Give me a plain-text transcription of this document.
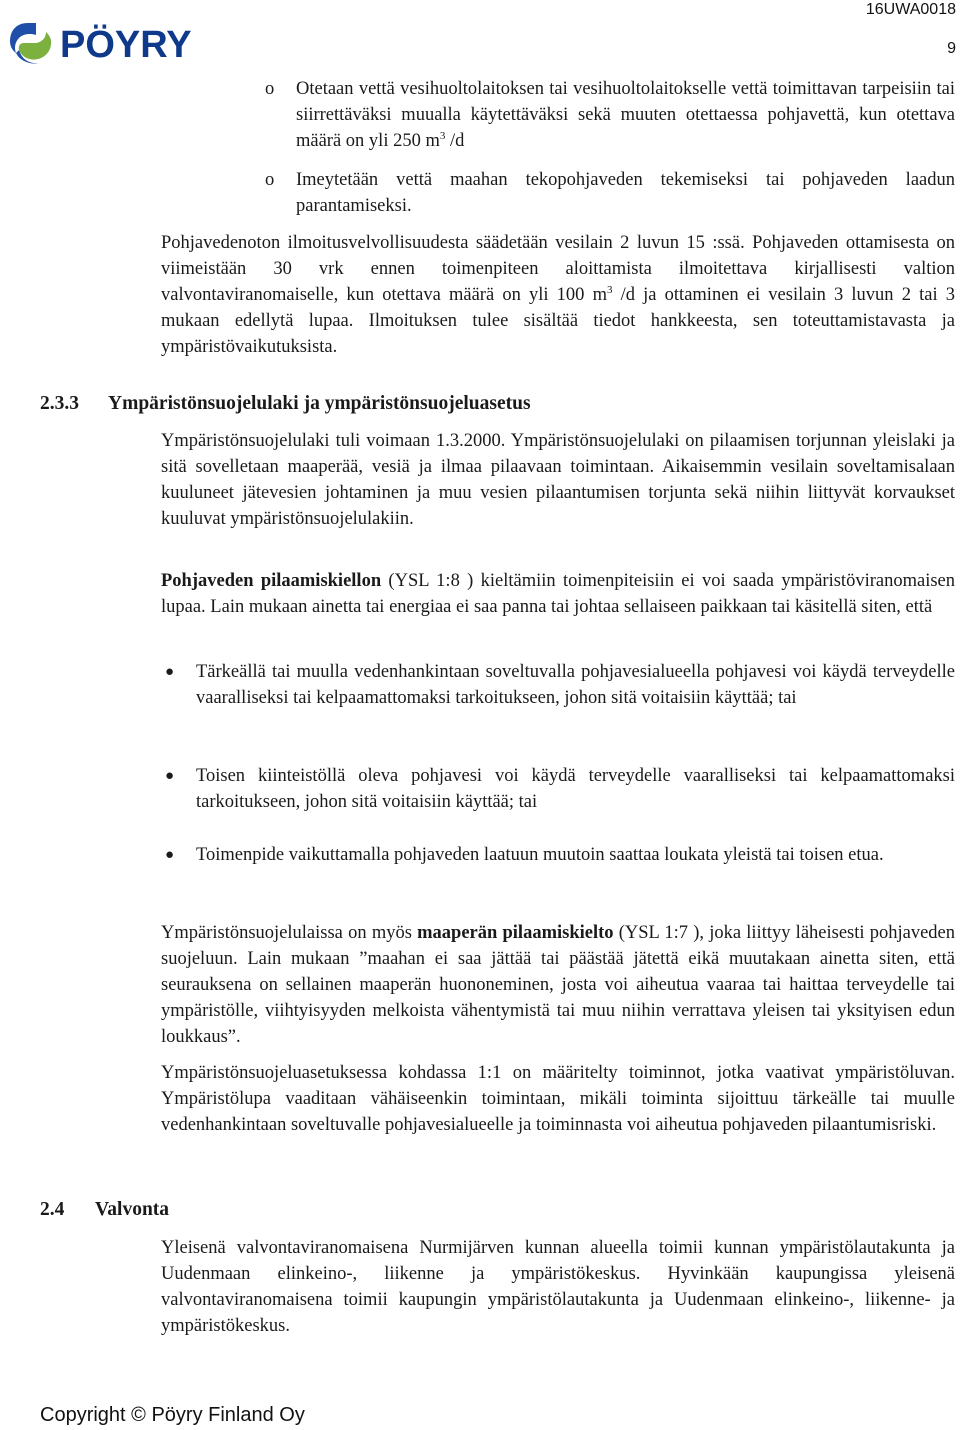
PÖYRY
16UWA0018
9
o Otetaan vettä vesihuoltolaitoksen tai vesihuoltolaitokselle vettä toimittavan tarpeisiin tai siirrettäväksi muualla käytettäväksi sekä muuten otettaessa pohjavettä, kun otettava määrä on yli 250 $m^3$ /d

o Imeytetään vettä maahan tekopohjaveden tekemiseksi tai pohjaveden laadun parantamiseksi.

Pohjavedenoton ilmoitusvelvollisuudesta säädetään vesilain 2 luvun 15 :ssä. Pohjaveden ottamisesta on viimeistään 30 vrk ennen toimenpiteen aloittamista ilmoitettava kirjallisesti valtion valvontaviranomaiselle, kun otettava määrä on yli 100 $m^3$ /d ja ottaminen ei vesilain 3 luvun 2 tai 3 mukaan edellytä lupaa. Ilmoituksen tulee sisältää tiedot hankkeesta, sen toteuttamistavasta ja ympäristövaikutuksista.

2.3.3 Ympäristönsuojelulaki ja ympäristönsuojeluasetus

Ympäristönsuojelulaki tuli voimaan 1.3.2000. Ympäristönsuojelulaki on pilaamisen torjunnan yleislaki ja sitä sovelletaan maaperää, vesiä ja ilmaa pilaavaan toimintaan. Aikaisemmin vesilain soveltamisalaan kuuluneet jätevesien johtaminen ja muu vesien pilaantumisen torjunta sekä niihin liittyvät korvaukset kuuluvat ympäristönsuojelulakiin.

Pohjaveden pilaamiskiellon (YSL 1:8 ) kieltämiin toimenpiteisiin ei voi saada ympäristöviranomaisen lupaa. Lain mukaan ainetta tai energiaa ei saa panna tai johtaa sellaiseen paikkaan tai käsitellä siten, että

● Tärkeällä tai muulla vedenhankintaan soveltuvalla pohjavesialueella pohjavesi voi käydä terveydelle vaaralliseksi tai kelpaamattomaksi tarkoitukseen, johon sitä voitaisiin käyttää; tai

● Toisen kiinteistöllä oleva pohjavesi voi käydä terveydelle vaaralliseksi tai kelpaamattomaksi tarkoitukseen, johon sitä voitaisiin käyttää; tai

● Toimenpide vaikuttamalla pohjaveden laatuun muutoin saattaa loukata yleistä tai toisen etua.

Ympäristönsuojelulaissa on myös maaperän pilaamiskielto (YSL 1:7 ), joka liittyy läheisesti pohjaveden suojeluun. Lain mukaan ”maahan ei saa jättää tai päästää jätettä eikä muutakaan ainetta siten, että seurauksena on sellainen maaperän huononeminen, josta voi aiheutua vaaraa tai haittaa terveydelle tai ympäristölle, viihtyisyyden melkoista vähentymistä tai muu niihin verrattava yleisen tai yksityisen edun loukkaus”.

Ympäristönsuojeluasetuksessa kohdassa 1:1 on määritelty toiminnot, jotka vaativat ympäristöluvan. Ympäristölupa vaaditaan vähäiseenkin toimintaan, mikäli toiminta sijoittuu tärkeälle tai muulle vedenhankintaan soveltuvalle pohjavesialueelle ja toiminnasta voi aiheutua pohjaveden pilaantumisriski.

2.4 Valvonta

Yleisenä valvontaviranomaisena Nurmijärven kunnan alueella toimii kunnan ympäristölautakunta ja Uudenmaan elinkeino-, liikenne ja ympäristökeskus. Hyvinkään kaupungissa yleisenä valvontaviranomaisena toimii kaupungin ympäristölautakunta ja Uudenmaan elinkeino-, liikenne- ja ympäristökeskus.

Copyright © Pöyry Finland Oy
